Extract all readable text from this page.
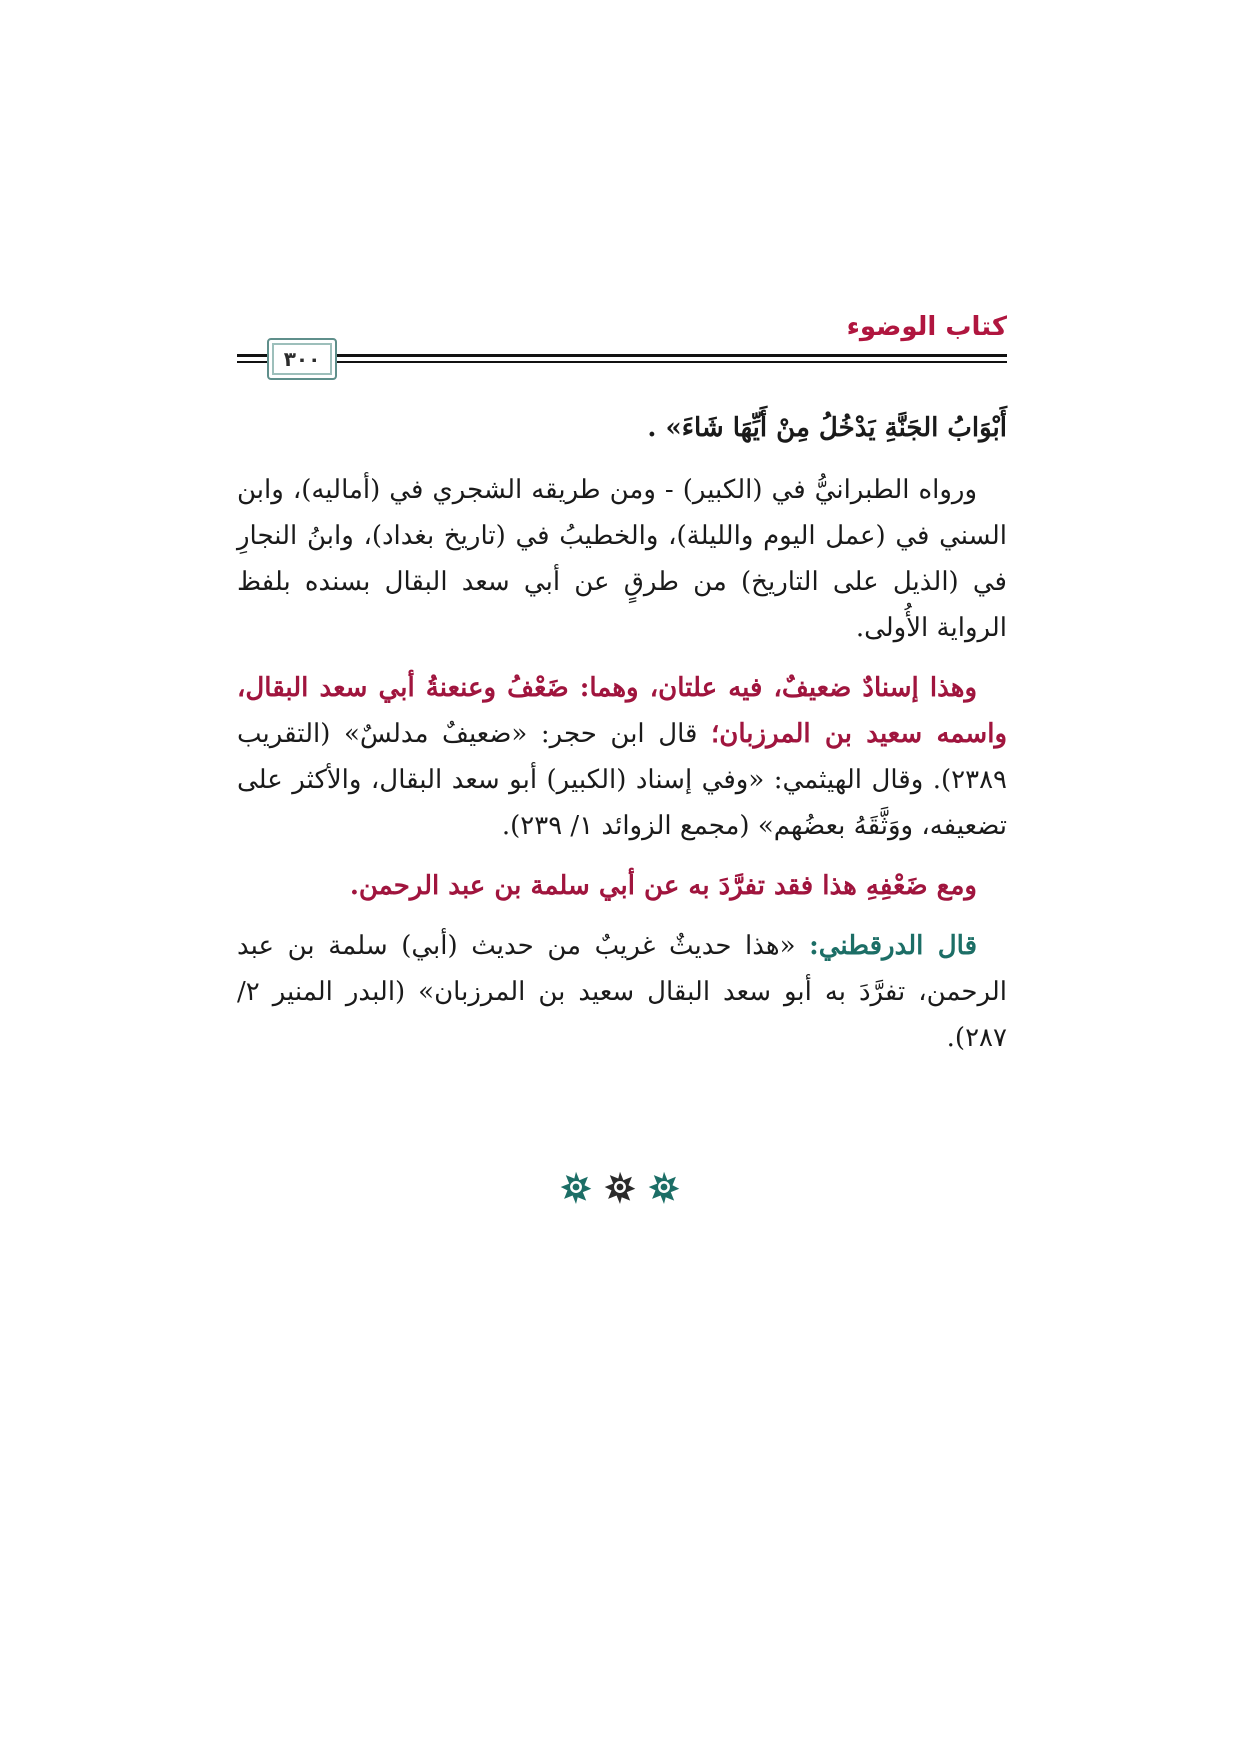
كتاب الوضوء
٣٠٠

أَبْوَابُ الجَنَّةِ يَدْخُلُ مِنْ أَيِّهَا شَاءَ» .

ورواه الطبرانيُّ في (الكبير) - ومن طريقه الشجري في (أماليه)، وابن السني في (عمل اليوم والليلة)، والخطيبُ في (تاريخ بغداد)، وابنُ النجارِ في (الذيل على التاريخ) من طرقٍ عن أبي سعد البقال بسنده بلفظ الرواية الأُولى.

وهذا إسنادٌ ضعيفٌ، فيه علتان، وهما: ضَعْفُ وعنعنةُ أبي سعد البقال، واسمه سعيد بن المرزبان؛ قال ابن حجر: «ضعيفٌ مدلسٌ» (التقريب ٢٣٨٩). وقال الهيثمي: «وفي إسناد (الكبير) أبو سعد البقال، والأكثر على تضعيفه، ووَثَّقَهُ بعضُهم» (مجمع الزوائد ١/ ٢٣٩).

ومع ضَعْفِهِ هذا فقد تفرَّدَ به عن أبي سلمة بن عبد الرحمن.

قال الدرقطني: «هذا حديثٌ غريبٌ من حديث (أبي) سلمة بن عبد الرحمن، تفرَّدَ به أبو سعد البقال سعيد بن المرزبان» (البدر المنير ٢/ ٢٨٧).
